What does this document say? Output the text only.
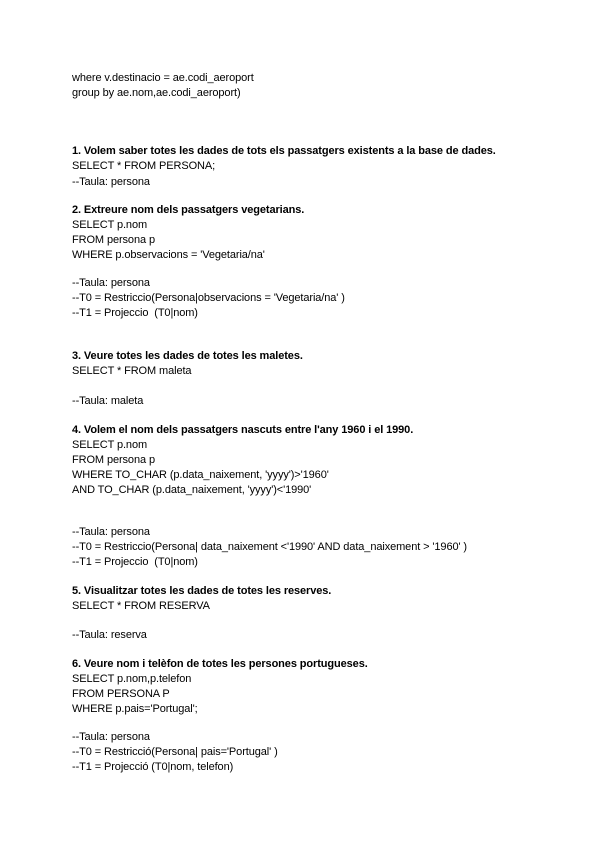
where v.destinacio = ae.codi_aeroport
group by ae.nom,ae.codi_aeroport)
1. Volem saber totes les dades de tots els passatgers existents a la base de dades.
SELECT * FROM PERSONA;
--Taula: persona
2. Extreure nom dels passatgers vegetarians.
SELECT p.nom
FROM persona p
WHERE p.observacions = 'Vegetaria/na'
--Taula: persona
--T0 = Restriccio(Persona|observacions = 'Vegetaria/na' )
--T1 = Projeccio  (T0|nom)
3. Veure totes les dades de totes les maletes.
SELECT * FROM maleta
--Taula: maleta
4. Volem el nom dels passatgers nascuts entre l'any 1960 i el 1990.
SELECT p.nom
FROM persona p
WHERE TO_CHAR (p.data_naixement, 'yyyy')>'1960'
AND TO_CHAR (p.data_naixement, 'yyyy')<'1990'
--Taula: persona
--T0 = Restriccio(Persona| data_naixement <'1990' AND data_naixement > '1960' )
--T1 = Projeccio  (T0|nom)
5. Visualitzar totes les dades de totes les reserves.
SELECT * FROM RESERVA
--Taula: reserva
6. Veure nom i telèfon de totes les persones portugueses.
SELECT p.nom,p.telefon
FROM PERSONA P
WHERE p.pais='Portugal';
--Taula: persona
--T0 = Restricció(Persona| pais='Portugal' )
--T1 = Projecció (T0|nom, telefon)
